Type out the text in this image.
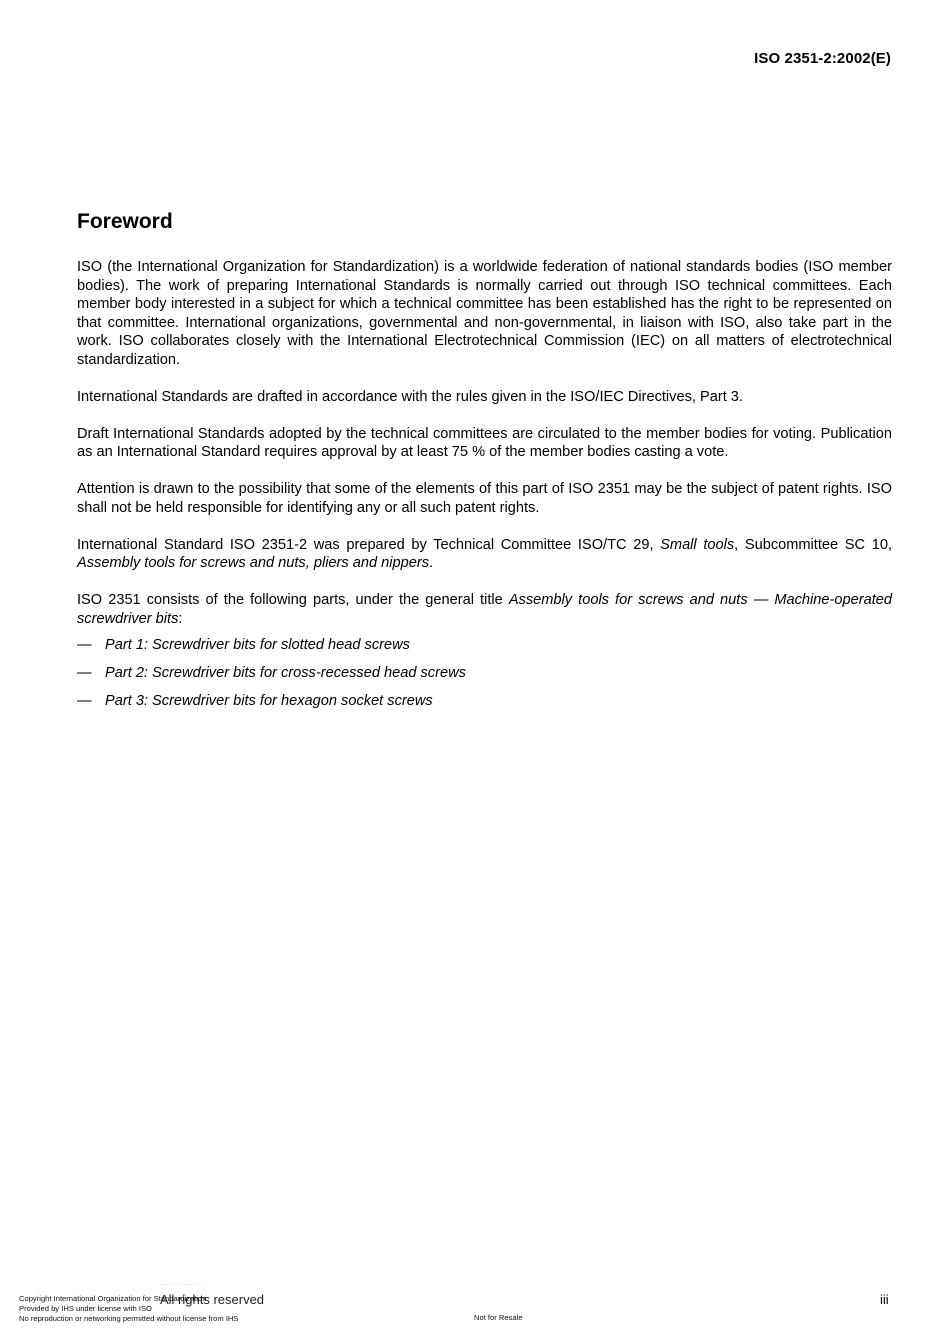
ISO 2351-2:2002(E)
Foreword

ISO (the International Organization for Standardization) is a worldwide federation of national standards bodies (ISO member bodies). The work of preparing International Standards is normally carried out through ISO technical committees. Each member body interested in a subject for which a technical committee has been established has the right to be represented on that committee. International organizations, governmental and non-governmental, in liaison with ISO, also take part in the work. ISO collaborates closely with the International Electrotechnical Commission (IEC) on all matters of electrotechnical standardization.

International Standards are drafted in accordance with the rules given in the ISO/IEC Directives, Part 3.

Draft International Standards adopted by the technical committees are circulated to the member bodies for voting. Publication as an International Standard requires approval by at least 75 % of the member bodies casting a vote.

Attention is drawn to the possibility that some of the elements of this part of ISO 2351 may be the subject of patent rights. ISO shall not be held responsible for identifying any or all such patent rights.

International Standard ISO 2351-2 was prepared by Technical Committee ISO/TC 29, Small tools, Subcommittee SC 10, Assembly tools for screws and nuts, pliers and nippers.

ISO 2351 consists of the following parts, under the general title Assembly tools for screws and nuts — Machine-operated screwdriver bits:

— Part 1: Screwdriver bits for slotted head screws
— Part 2: Screwdriver bits for cross-recessed head screws
— Part 3: Screwdriver bits for hexagon socket screws
··············
All rights reserved	iii
Copyright International Organization for Standardization
Provided by IHS under license with ISO
No reproduction or networking permitted without license from IHS	Not for Resale
